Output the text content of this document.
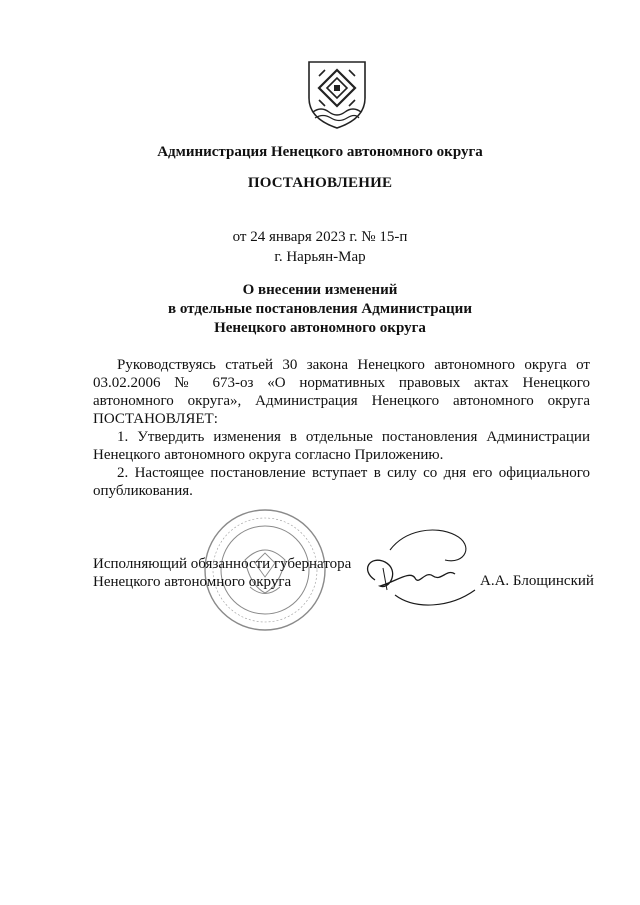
Администрация Ненецкого автономного округа
ПОСТАНОВЛЕНИЕ
от 24 января 2023 г. № 15-п
г. Нарьян-Мар
О внесении изменений
в отдельные постановления Администрации
Ненецкого автономного округа

Руководствуясь статьей 30 закона Ненецкого автономного округа от 03.02.2006 № 673-оз «О нормативных правовых актах Ненецкого автономного округа», Администрация Ненецкого автономного округа ПОСТАНОВЛЯЕТ:

1. Утвердить изменения в отдельные постановления Администрации Ненецкого автономного округа согласно Приложению.

2. Настоящее постановление вступает в силу со дня его официального опубликования.

Исполняющий обязанности губернатора
Ненецкого автономного округа	А.А. Блощинский
